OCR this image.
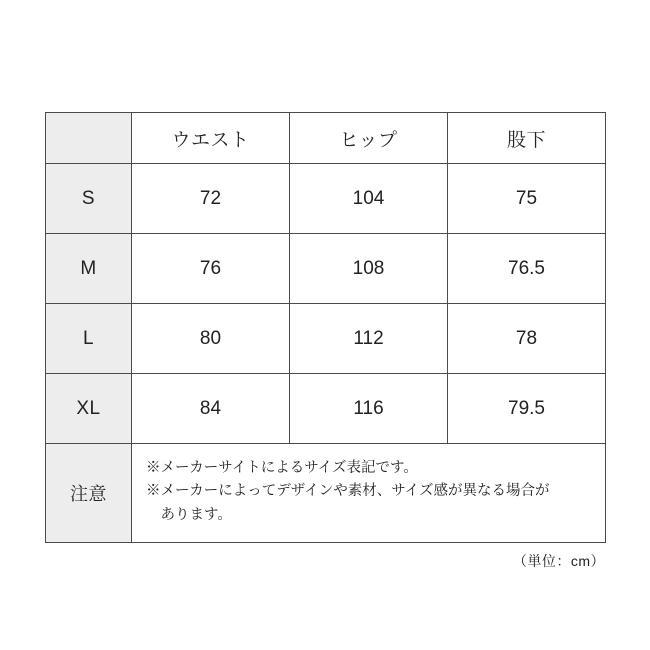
	ウエスト	ヒップ	股下
S	72	104	75
M	76	108	76.5
L	80	112	78
XL	84	116	79.5
注意	※メーカーサイトによるサイズ表記です。
※メーカーによってデザインや素材、サイズ感が異なる場合が
　あります。		
（単位：cm）
